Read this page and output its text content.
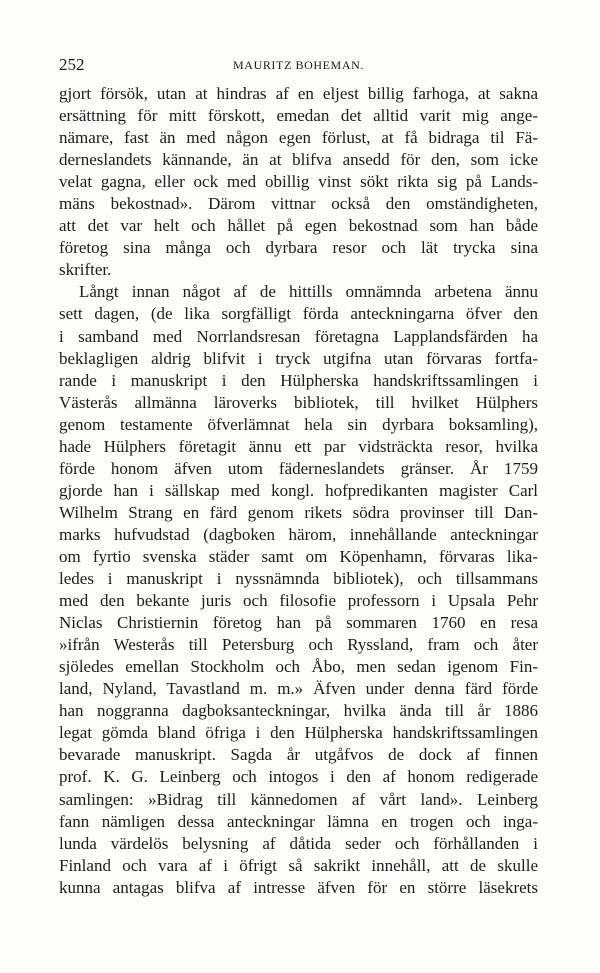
252	MAURITZ BOHEMAN.
gjort försök, utan at hindras af en eljest billig farhoga, at sakna
ersättning för mitt förskott, emedan det alltid varit mig ange-
nämare, fast än med någon egen förlust, at få bidraga til Fä-
derneslandets kännande, än at blifva ansedd för den, som icke
velat gagna, eller ock med obillig vinst sökt rikta sig på Lands-
mäns bekostnad». Därom vittnar också den omständigheten,
att det var helt och hållet på egen bekostnad som han både
företog sina många och dyrbara resor och lät trycka sina
skrifter.
Långt innan något af de hittills omnämnda arbetena ännu
sett dagen, (de lika sorgfälligt förda anteckningarna öfver den
i samband med Norrlandsresan företagna Lapplandsfärden ha
beklagligen aldrig blifvit i tryck utgifna utan förvaras fortfa-
rande i manuskript i den Hülpherska handskriftssamlingen i
Västerås allmänna läroverks bibliotek, till hvilket Hülphers
genom testamente öfverlämnat hela sin dyrbara boksamling),
hade Hülphers företagit ännu ett par vidsträckta resor, hvilka
förde honom äfven utom fäderneslandets gränser. År 1759
gjorde han i sällskap med kongl. hofpredikanten magister Carl
Wilhelm Strang en färd genom rikets södra provinser till Dan-
marks hufvudstad (dagboken härom, innehållande anteckningar
om fyrtio svenska städer samt om Köpenhamn, förvaras lika-
ledes i manuskript i nyssnämnda bibliotek), och tillsammans
med den bekante juris och filosofie professorn i Upsala Pehr
Niclas Christiernin företog han på sommaren 1760 en resa
»ifrån Westerås till Petersburg och Ryssland, fram och åter
sjöledes emellan Stockholm och Åbo, men sedan igenom Fin-
land, Nyland, Tavastland m. m.» Äfven under denna färd förde
han noggranna dagboksanteckningar, hvilka ända till år 1886
legat gömda bland öfriga i den Hülpherska handskriftssamlingen
bevarade manuskript. Sagda år utgåfvos de dock af finnen
prof. K. G. Leinberg och intogos i den af honom redigerade
samlingen: »Bidrag till kännedomen af vårt land». Leinberg
fann nämligen dessa anteckningar lämna en trogen och inga-
lunda värdelös belysning af dåtida seder och förhållanden i
Finland och vara af i öfrigt så sakrikt innehåll, att de skulle
kunna antagas blifva af intresse äfven för en större läsekrets
